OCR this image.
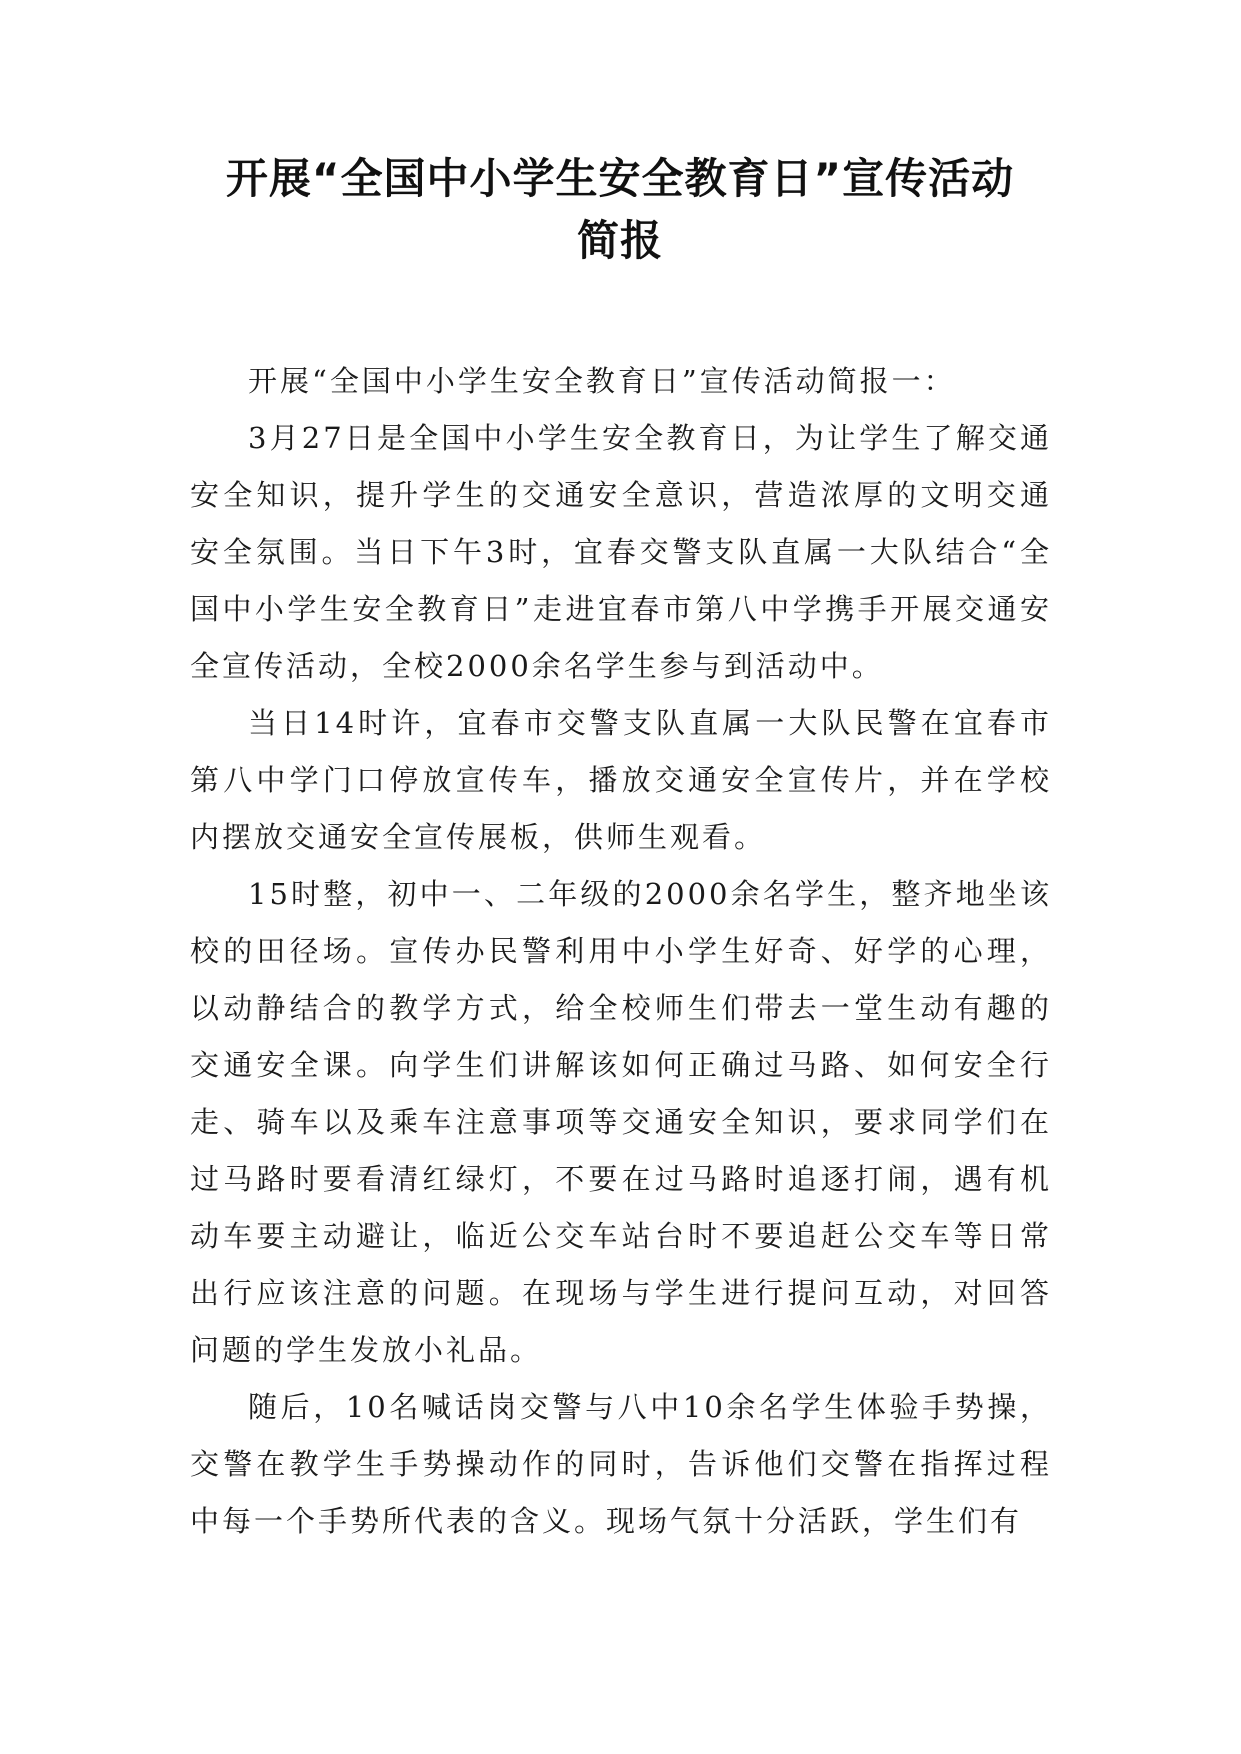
开展“全国中小学生安全教育日”宣传活动
简报

开展“全国中小学生安全教育日”宣传活动简报一：

3月27日是全国中小学生安全教育日，为让学生了解交通安全知识，提升学生的交通安全意识，营造浓厚的文明交通安全氛围。当日下午3时，宜春交警支队直属一大队结合“全国中小学生安全教育日”走进宜春市第八中学携手开展交通安全宣传活动，全校2000余名学生参与到活动中。

当日14时许，宜春市交警支队直属一大队民警在宜春市第八中学门口停放宣传车，播放交通安全宣传片，并在学校内摆放交通安全宣传展板，供师生观看。

15时整，初中一、二年级的2000余名学生，整齐地坐该校的田径场。宣传办民警利用中小学生好奇、好学的心理，以动静结合的教学方式，给全校师生们带去一堂生动有趣的交通安全课。向学生们讲解该如何正确过马路、如何安全行走、骑车以及乘车注意事项等交通安全知识，要求同学们在过马路时要看清红绿灯，不要在过马路时追逐打闹，遇有机动车要主动避让，临近公交车站台时不要追赶公交车等日常出行应该注意的问题。在现场与学生进行提问互动，对回答问题的学生发放小礼品。

随后，10名喊话岗交警与八中10余名学生体验手势操，交警在教学生手势操动作的同时，告诉他们交警在指挥过程中每一个手势所代表的含义。现场气氛十分活跃，学生们有
